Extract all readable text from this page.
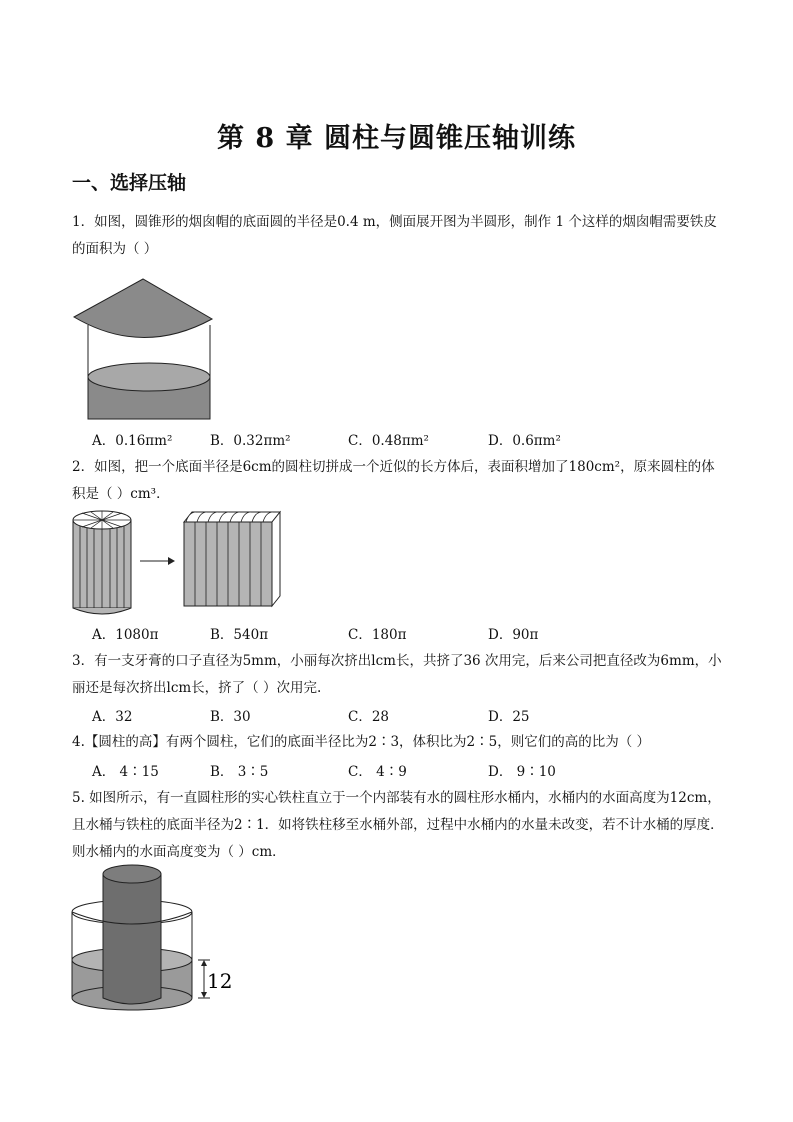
第 8 章 圆柱与圆锥压轴训练
一、选择压轴
1．如图，圆锥形的烟囱帽的底面圆的半径是0.4 m，侧面展开图为半圆形，制作 1 个这样的烟囱帽需要铁皮的面积为（ ）
A．0.16πm²	B．0.32πm²	C．0.48πm²	D．0.6πm²
2．如图，把一个底面半径是6cm的圆柱切拼成一个近似的长方体后，表面积增加了180cm²，原来圆柱的体积是（ ）cm³．
A．1080π	B．540π	C．180π	D．90π
3．有一支牙膏的口子直径为5mm，小丽每次挤出lcm长，共挤了36 次用完，后来公司把直径改为6mm，小丽还是每次挤出lcm长，挤了（ ）次用完.
A．32	B．30	C．28	D．25
4.【圆柱的高】有两个圆柱，它们的底面半径比为2∶3，体积比为2∶5，则它们的高的比为（ ）
A． 4∶15	B． 3∶5	C． 4∶9	D． 9∶10
5. 如图所示，有一直圆柱形的实心铁柱直立于一个内部装有水的圆柱形水桶内，水桶内的水面高度为12cm，且水桶与铁柱的底面半径为2∶1．如将铁柱移至水桶外部，过程中水桶内的水量未改变，若不计水桶的厚度．则水桶内的水面高度变为（ ）cm．
12
